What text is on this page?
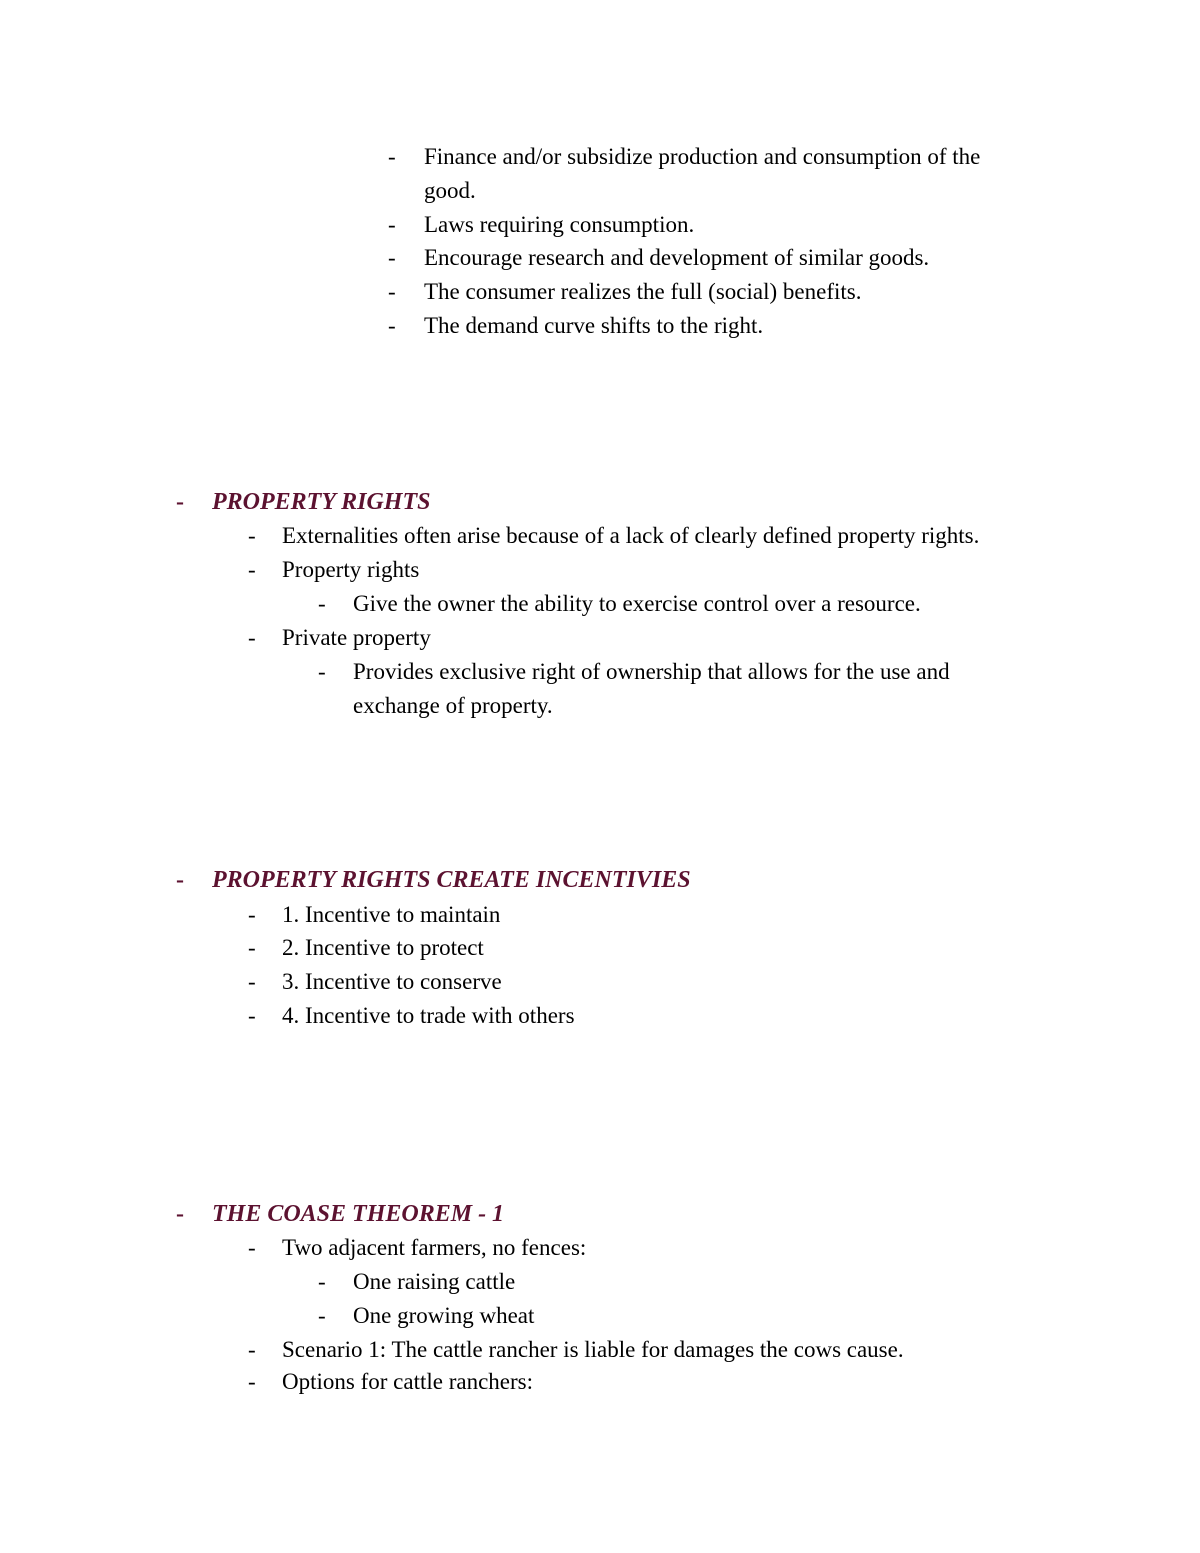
- Finance and/or subsidize production and consumption of the
good.
- Laws requiring consumption.
- Encourage research and development of similar goods.
- The consumer realizes the full (social) benefits.
- The demand curve shifts to the right.
- PROPERTY RIGHTS
- Externalities often arise because of a lack of clearly defined property rights.
- Property rights
- Give the owner the ability to exercise control over a resource.
- Private property
- Provides exclusive right of ownership that allows for the use and
exchange of property.
- PROPERTY RIGHTS CREATE INCENTIVIES
- 1. Incentive to maintain
- 2. Incentive to protect
- 3. Incentive to conserve
- 4. Incentive to trade with others
- THE COASE THEOREM - 1
- Two adjacent farmers, no fences:
- One raising cattle
- One growing wheat
- Scenario 1: The cattle rancher is liable for damages the cows cause.
- Options for cattle ranchers:
